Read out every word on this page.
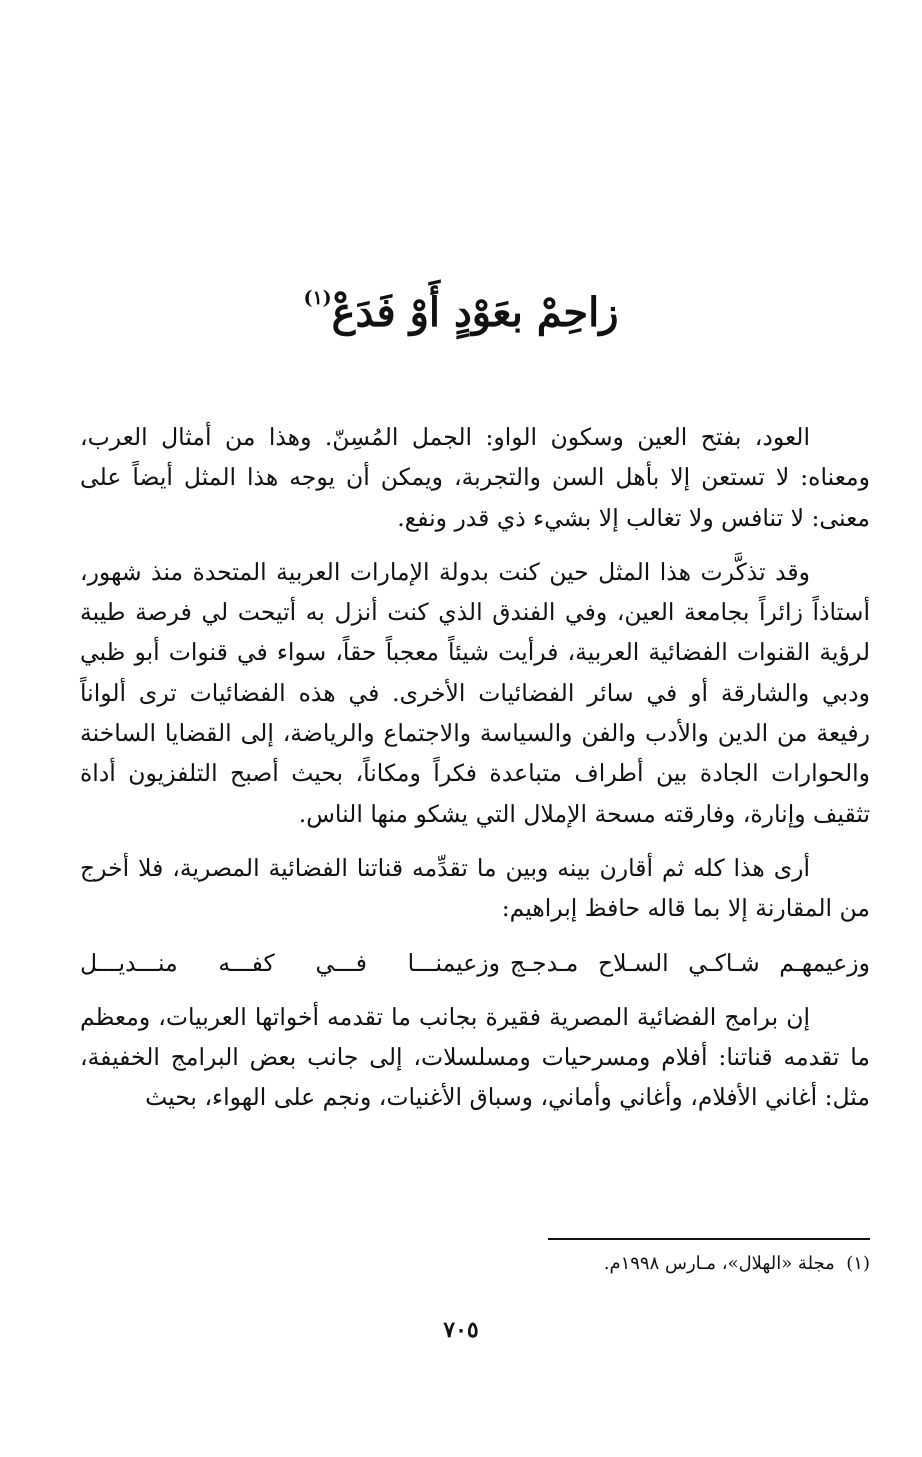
زاحِمْ بعَوْدٍ أَوْ فَدَعْ$^{(١)}$

العود، بفتح العين وسكون الواو: الجمل المُسِنّ. وهذا من أمثال العرب، ومعناه: لا تستعن إلا بأهل السن والتجربة، ويمكن أن يوجه هذا المثل أيضاً على معنى: لا تنافس ولا تغالب إلا بشيء ذي قدر ونفع.

وقد تذكَّرت هذا المثل حين كنت بدولة الإمارات العربية المتحدة منذ شهور، أستاذاً زائراً بجامعة العين، وفي الفندق الذي كنت أنزل به أتيحت لي فرصة طيبة لرؤية القنوات الفضائية العربية، فرأيت شيئاً معجباً حقاً، سواء في قنوات أبو ظبي ودبي والشارقة أو في سائر الفضائيات الأخرى. في هذه الفضائيات ترى ألواناً رفيعة من الدين والأدب والفن والسياسة والاجتماع والرياضة، إلى القضايا الساخنة والحوارات الجادة بين أطراف متباعدة فكراً ومكاناً، بحيث أصبح التلفزيون أداة تثقيف وإنارة، وفارقته مسحة الإملال التي يشكو منها الناس.

أرى هذا كله ثم أقارن بينه وبين ما تقدِّمه قناتنا الفضائية المصرية، فلا أخرج من المقارنة إلا بما قاله حافظ إبراهيم:

وزعيمهـم شـاكـي السـلاح مـدجـج
وزعيمنـــا فـــي كفـــه منـــديـــل

إن برامج الفضائية المصرية فقيرة بجانب ما تقدمه أخواتها العربيات، ومعظم ما تقدمه قناتنا: أفلام ومسرحيات ومسلسلات، إلى جانب بعض البرامج الخفيفة، مثل: أغاني الأفلام، وأغاني وأماني، وسباق الأغنيات، ونجم على الهواء، بحيث

(١)  مجلة «الهلال»، مـارس ١٩٩٨م.

٧٠٥
